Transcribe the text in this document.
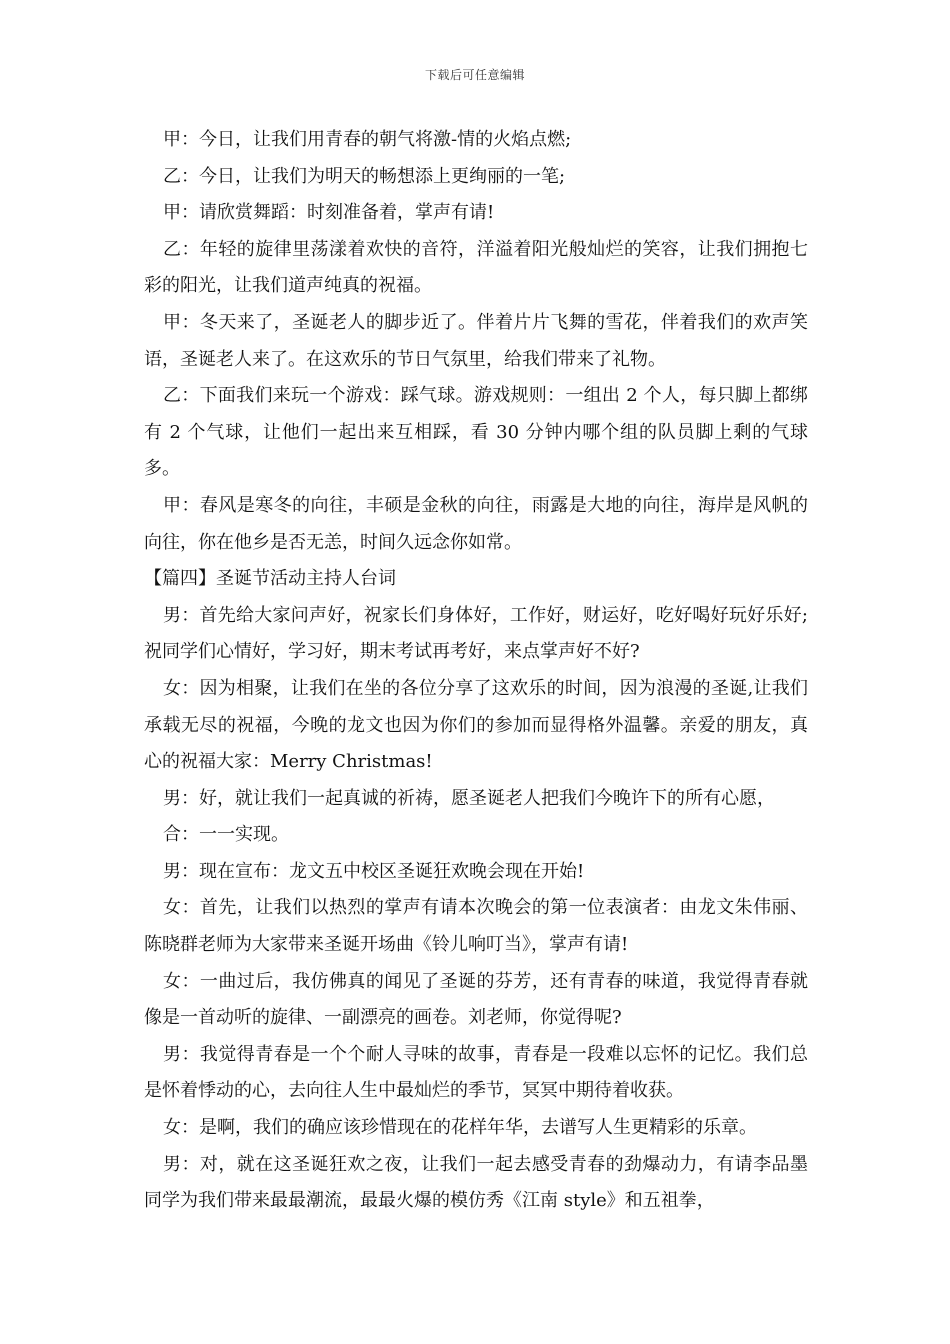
下载后可任意编辑

甲：今日，让我们用青春的朝气将激-情的火焰点燃;

乙：今日，让我们为明天的畅想添上更绚丽的一笔;

甲：请欣赏舞蹈：时刻准备着，掌声有请!

乙：年轻的旋律里荡漾着欢快的音符，洋溢着阳光般灿烂的笑容，让我们拥抱七彩的阳光，让我们道声纯真的祝福。

甲：冬天来了，圣诞老人的脚步近了。伴着片片飞舞的雪花，伴着我们的欢声笑语，圣诞老人来了。在这欢乐的节日气氛里，给我们带来了礼物。

乙：下面我们来玩一个游戏：踩气球。游戏规则：一组出 2 个人，每只脚上都绑有 2 个气球，让他们一起出来互相踩，看 30 分钟内哪个组的队员脚上剩的气球多。

甲：春风是寒冬的向往，丰硕是金秋的向往，雨露是大地的向往，海岸是风帆的向往，你在他乡是否无恙，时间久远念你如常。

【篇四】圣诞节活动主持人台词

男：首先给大家问声好，祝家长们身体好，工作好，财运好，吃好喝好玩好乐好;祝同学们心情好，学习好，期末考试再考好，来点掌声好不好?

女：因为相聚，让我们在坐的各位分享了这欢乐的时间，因为浪漫的圣诞,让我们承载无尽的祝福，今晚的龙文也因为你们的参加而显得格外温馨。亲爱的朋友，真心的祝福大家：Merry Christmas!

男：好，就让我们一起真诚的祈祷，愿圣诞老人把我们今晚许下的所有心愿，

合：一一实现。

男：现在宣布：龙文五中校区圣诞狂欢晚会现在开始!

女：首先，让我们以热烈的掌声有请本次晚会的第一位表演者：由龙文朱伟丽、陈晓群老师为大家带来圣诞开场曲《铃儿响叮当》，掌声有请!

女：一曲过后，我仿佛真的闻见了圣诞的芬芳，还有青春的味道，我觉得青春就像是一首动听的旋律、一副漂亮的画卷。刘老师，你觉得呢?

男：我觉得青春是一个个耐人寻味的故事，青春是一段难以忘怀的记忆。我们总是怀着悸动的心，去向往人生中最灿烂的季节，冥冥中期待着收获。

女：是啊，我们的确应该珍惜现在的花样年华，去谱写人生更精彩的乐章。

男：对，就在这圣诞狂欢之夜，让我们一起去感受青春的劲爆动力，有请李品墨同学为我们带来最最潮流，最最火爆的模仿秀《江南 style》和五祖拳，
